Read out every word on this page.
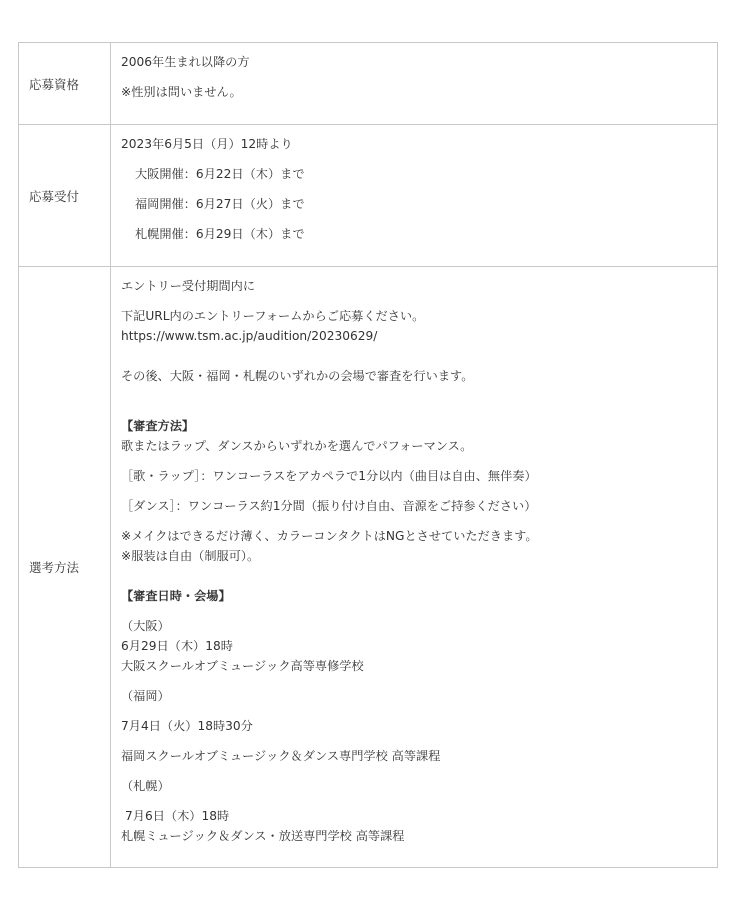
応募資格
2006年生まれ以降の方
※性別は問いません。
応募受付
2023年6月5日（月）12時より
大阪開催：6月22日（木）まで
福岡開催：6月27日（火）まで
札幌開催：6月29日（木）まで
選考方法
エントリー受付期間内に
下記URL内のエントリーフォームからご応募ください。
https://www.tsm.ac.jp/audition/20230629/
その後、大阪・福岡・札幌のいずれかの会場で審査を行います。
【審査方法】
歌またはラップ、ダンスからいずれかを選んでパフォーマンス。
［歌・ラップ］：ワンコーラスをアカペラで1分以内（曲目は自由、無伴奏）
［ダンス］：ワンコーラス約1分間（振り付け自由、音源をご持参ください）
※メイクはできるだけ薄く、カラーコンタクトはNGとさせていただきます。
※服装は自由（制服可）。
【審査日時・会場】
（大阪）
6月29日（木）18時
大阪スクールオブミュージック高等専修学校
（福岡）
7月4日（火）18時30分
福岡スクールオブミュージック＆ダンス専門学校 高等課程
（札幌）
7月6日（木）18時
札幌ミュージック＆ダンス・放送専門学校 高等課程
